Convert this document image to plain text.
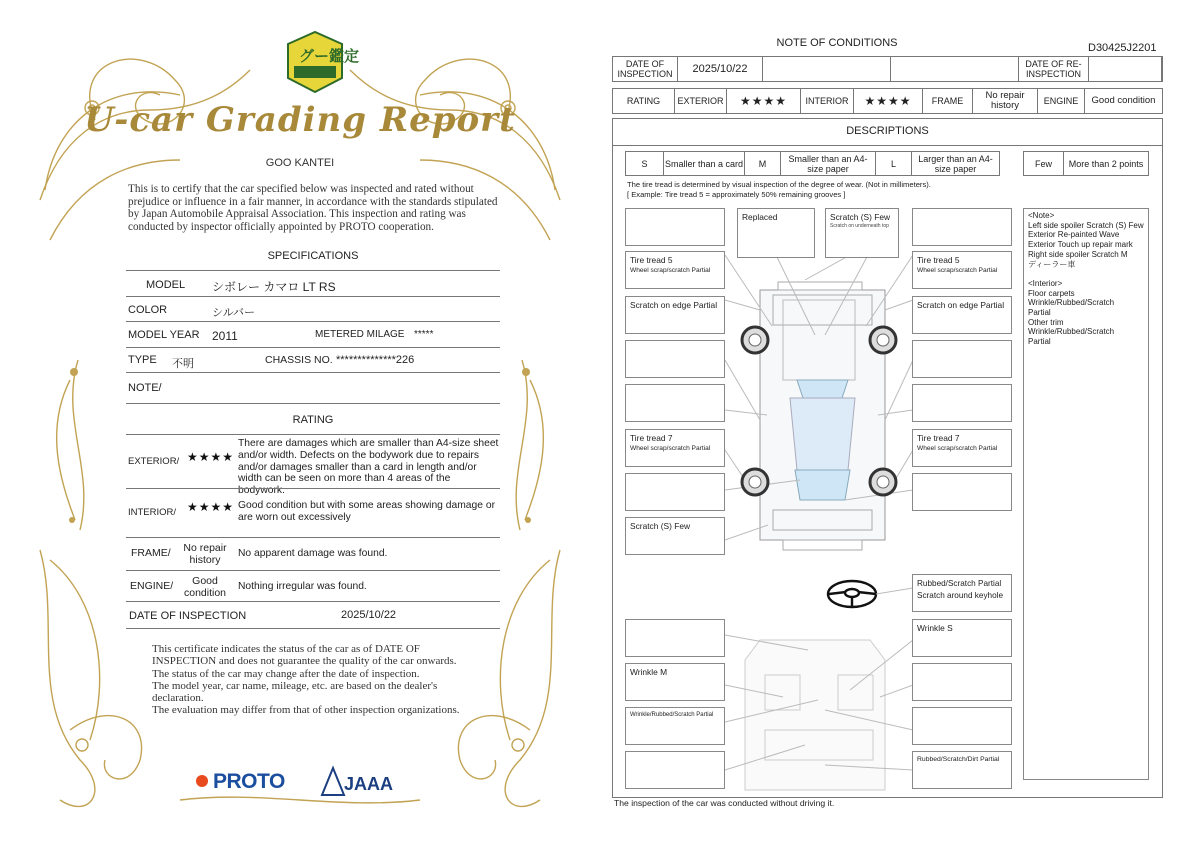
グー鑑定
U-car Grading Report
GOO KANTEI
This is to certify that the car specified below was inspected and rated without prejudice or influence in a fair manner, in accordance with the standards stipulated by Japan Automobile Appraisal Association. This inspection and rating was conducted by inspector officially appointed by PROTO cooperation.
SPECIFICATIONS
MODEL シボレー カマロ LT RS
COLOR	シルバー
MODEL YEAR 2011	METERED MILAGE *****
TYPE 不明	CHASSIS NO. **************226
NOTE/
RATING
EXTERIOR/ ★★★★
There are damages which are smaller than A4-size sheet and/or width. Defects on the bodywork due to repairs and/or damages smaller than a card in length and/or width can be seen on more than 4 areas of the bodywork.
INTERIOR/ ★★★★ Good condition but with some areas showing damage or are worn out excessively
FRAME/	No repair history
No apparent damage was found.
ENGINE/	Good condition
Nothing irregular was found.
DATE OF INSPECTION	2025/10/22
This certificate indicates the status of the car as of DATE OF INSPECTION and does not guarantee the quality of the car onwards.
The status of the car may change after the date of inspection.
The model year, car name, mileage, etc. are based on the dealer's declaration.
The evaluation may differ from that of other inspection organizations.
PROTO	JAAA
NOTE OF CONDITIONS	D30425J2201
DATE OF INSPECTION	2025/10/22	DATE OF RE-INSPECTION
RATING	EXTERIOR	★★★★	INTERIOR	★★★★	FRAME	No repair history	ENGINE	Good condition
DESCRIPTIONS
S	Smaller than a card	M	Smaller than an A4-size paper	L	Larger than an A4-size paper	Few	More than 2 points
The tire tread is determined by visual inspection of the degree of wear. (Not in millimeters).
[ Example: Tire tread 5 = approximately 50% remaining grooves ]
Tire tread 5
Wheel scrap/scratch Partial
Scratch on edge Partial
Tire tread 7
Wheel scrap/scratch Partial
Scratch (S) Few
Replaced	Scratch (S) Few
Scratch on underneath top
Tire tread 5
Wheel scrap/scratch Partial
Scratch on edge Partial
Tire tread 7
Wheel scrap/scratch Partial
Rubbed/Scratch Partial
Scratch around keyhole
Wrinkle S
Wrinkle M
Wrinkle/Rubbed/Scratch Partial
Rubbed/Scratch/Dirt Partial
<Note>
Left side spoiler Scratch (S) Few
Exterior Re-painted Wave
Exterior Touch up repair mark
Right side spoiler Scratch M
ディーラー車
<Interior>
Floor carpets
Wrinkle/Rubbed/Scratch
Partial
Other trim
Wrinkle/Rubbed/Scratch
Partial
The inspection of the car was conducted without driving it.
